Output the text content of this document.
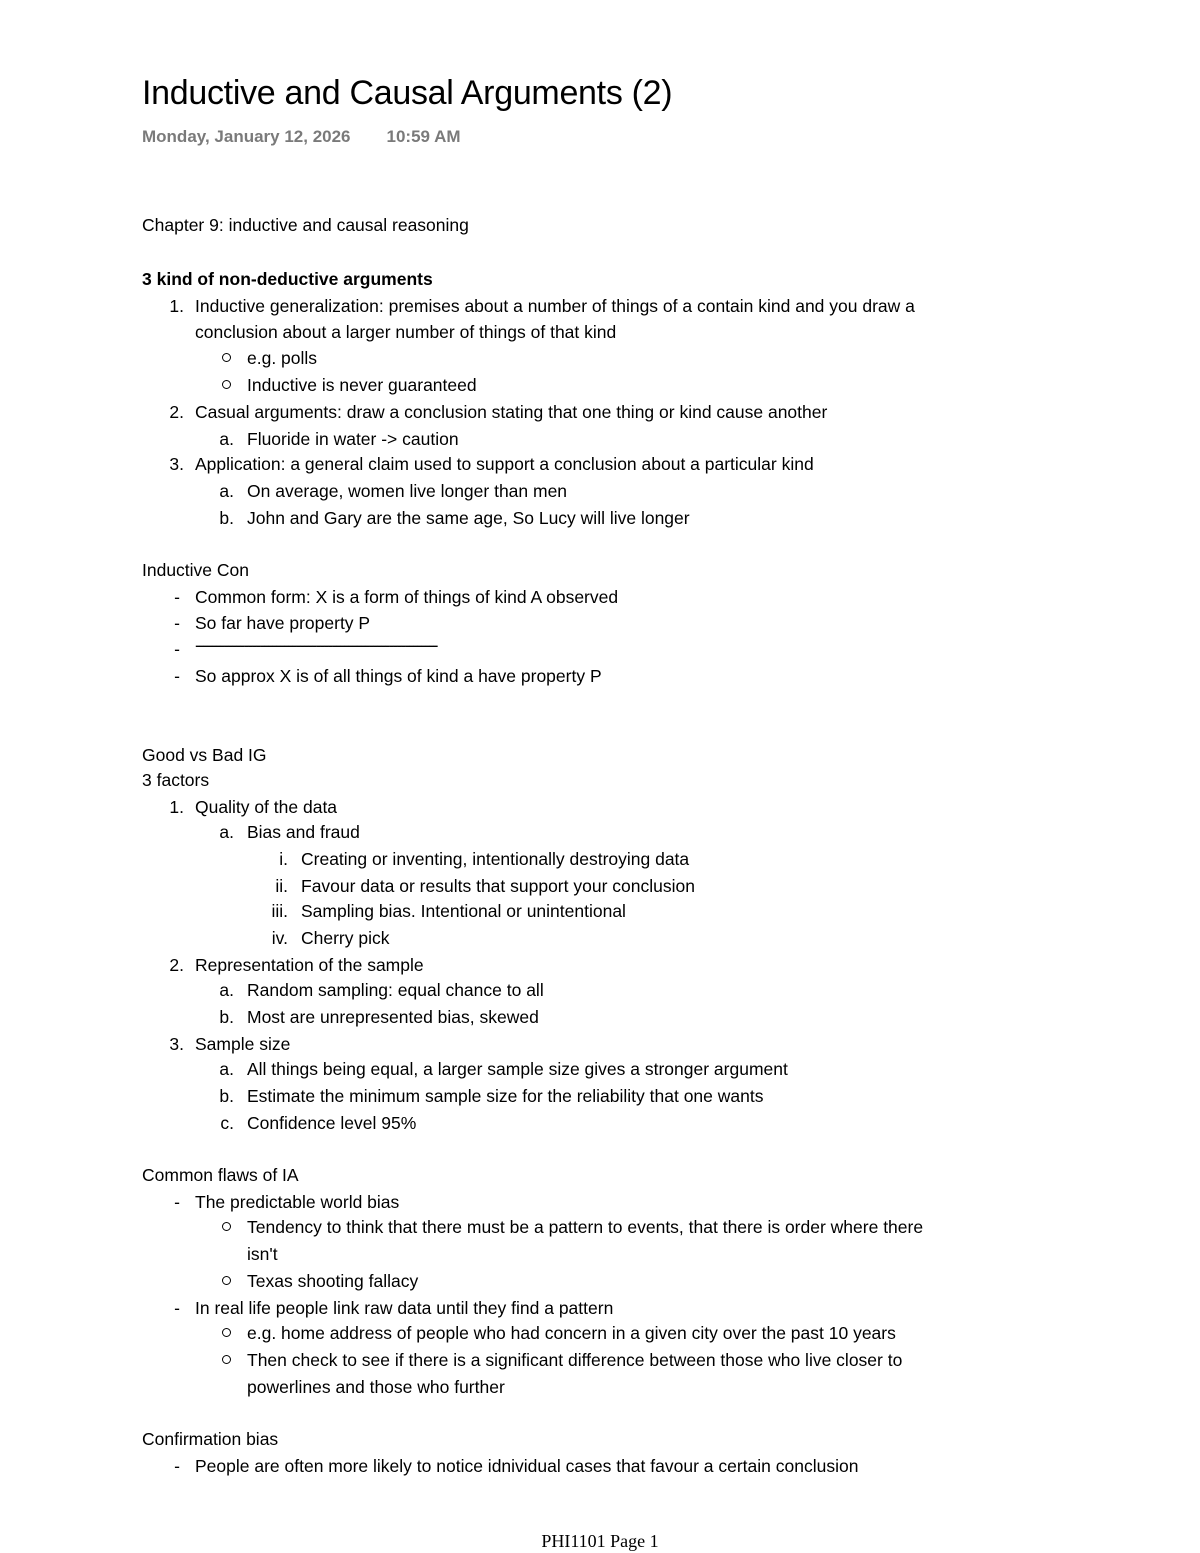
Inductive and Causal Arguments (2)
Monday, January 12, 2026 10:59 AM
Chapter 9: inductive and causal reasoning
3 kind of non-deductive arguments
1. Inductive generalization: premises about a number of things of a contain kind and you draw a
conclusion about a larger number of things of that kind
e.g. polls
Inductive is never guaranteed
2. Casual arguments: draw a conclusion stating that one thing or kind cause another
a. Fluoride in water -> caution
3. Application: a general claim used to support a conclusion about a particular kind
a. On average, women live longer than men
b. John and Gary are the same age, So Lucy will live longer
Inductive Con
- Common form: X is a form of things of kind A observed
- So far have property P
- ------------------------------------------------------------
- So approx X is of all things of kind a have property P
Good vs Bad IG
3 factors
1. Quality of the data
a. Bias and fraud
i. Creating or inventing, intentionally destroying data
ii. Favour data or results that support your conclusion
iii. Sampling bias. Intentional or unintentional
iv. Cherry pick
2. Representation of the sample
a. Random sampling: equal chance to all
b. Most are unrepresented bias, skewed
3. Sample size
a. All things being equal, a larger sample size gives a stronger argument
b. Estimate the minimum sample size for the reliability that one wants
c. Confidence level 95%
Common flaws of IA
- The predictable world bias
Tendency to think that there must be a pattern to events, that there is order where there
isn't
Texas shooting fallacy
- In real life people link raw data until they find a pattern
e.g. home address of people who had concern in a given city over the past 10 years
Then check to see if there is a significant difference between those who live closer to
powerlines and those who further
Confirmation bias
- People are often more likely to notice idnividual cases that favour a certain conclusion
PHI1101 Page 1
